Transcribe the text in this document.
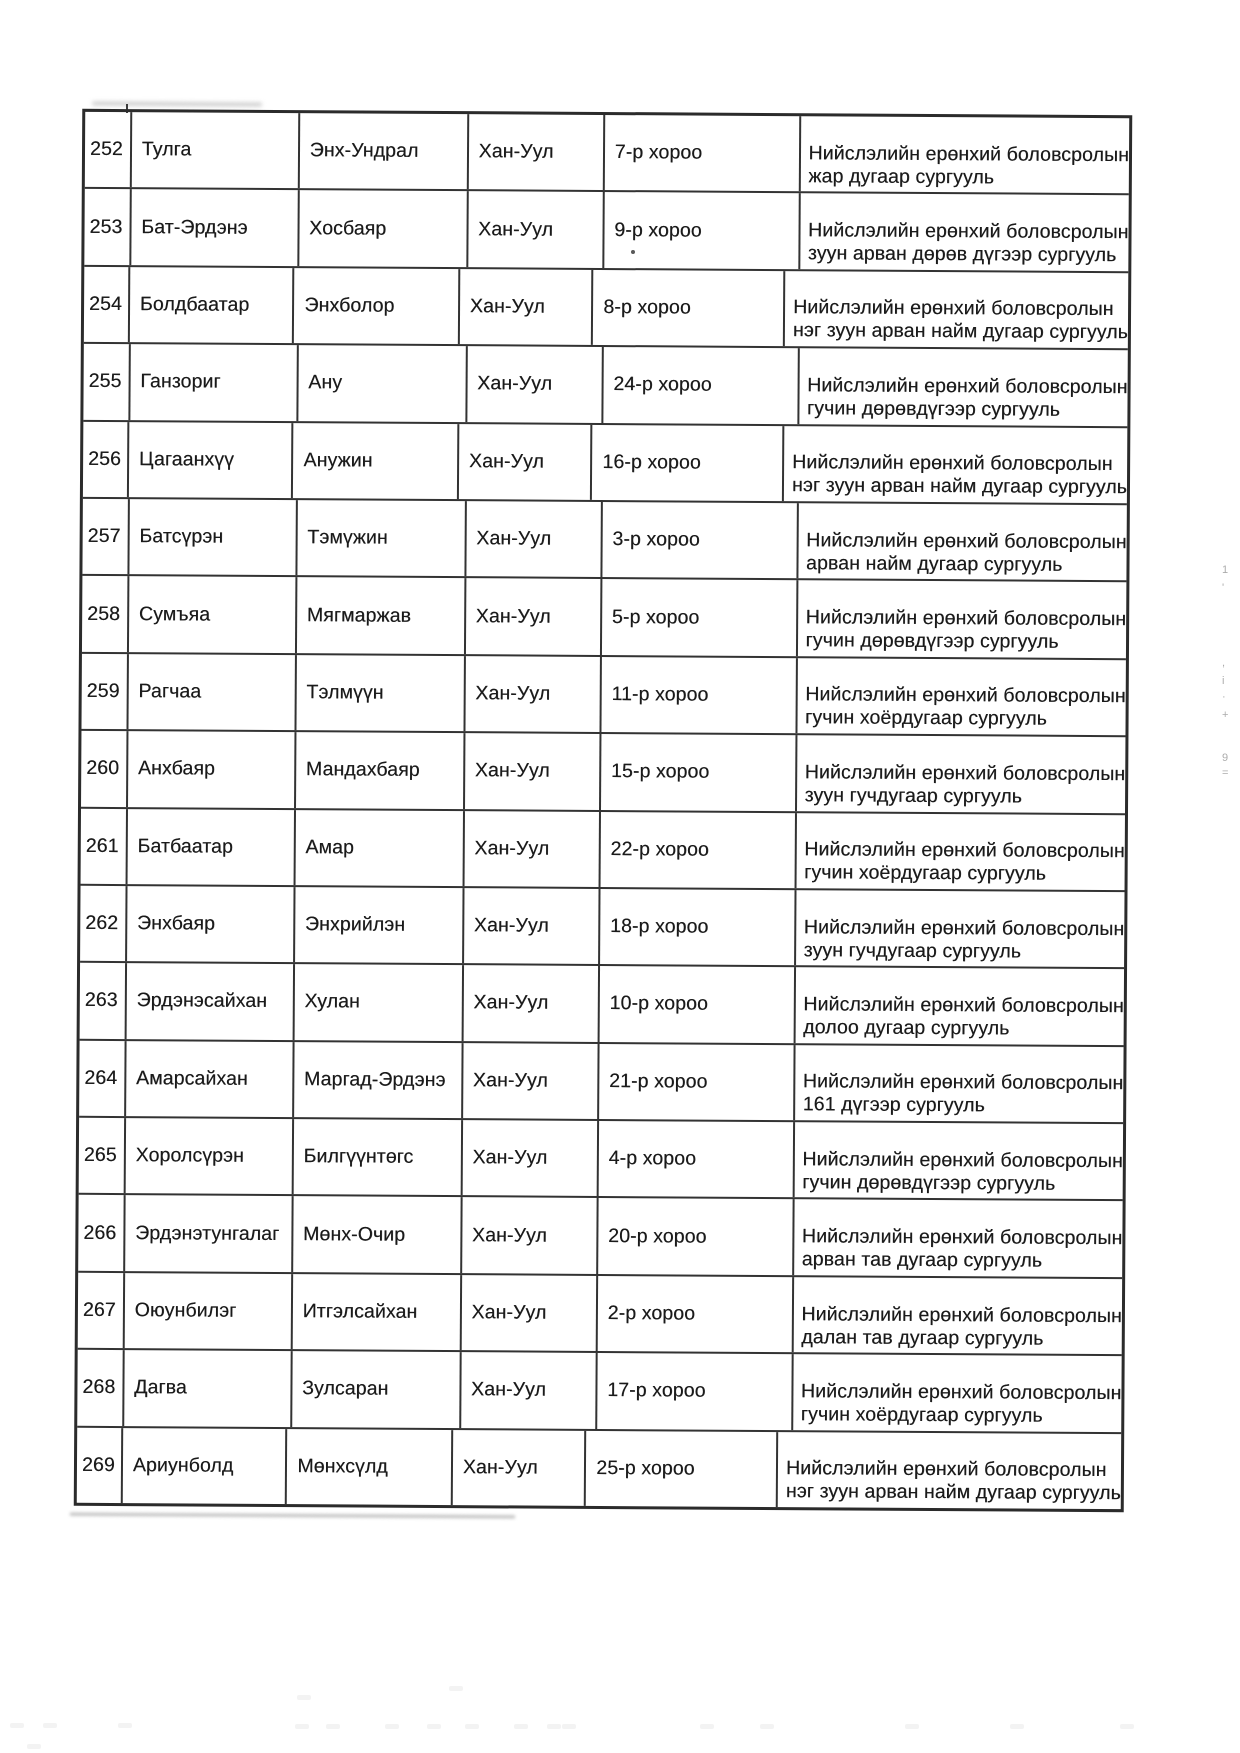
252 Тулга	Энх-Ундрал	Хан-Уул	7-р хороо	Нийслэлийн ерөнхий боловсролын
жар дугаар сургууль
253 Бат-Эрдэнэ	Хосбаяр	Хан-Уул	9-р хороо	Нийслэлийн ерөнхий боловсролын
зуун арван дөрөв дүгээр сургууль
254 Болдбаатар	Энхболор	Хан-Уул	8-р хороо	Нийслэлийн ерөнхий боловсролын
нэг зуун арван найм дугаар сургууль
255 Ганзориг	Ану	Хан-Уул	24-р хороо	Нийслэлийн ерөнхий боловсролын
гучин дөрөвдүгээр сургууль
256 Цагаанхүү	Анужин	Хан-Уул	16-р хороо	Нийслэлийн ерөнхий боловсролын
нэг зуун арван найм дугаар сургууль
257 Батсүрэн	Тэмүжин	Хан-Уул	3-р хороо	Нийслэлийн ерөнхий боловсролын
арван найм дугаар сургууль
258 Сумъяа	Мягмаржав	Хан-Уул	5-р хороо	Нийслэлийн ерөнхий боловсролын
гучин дөрөвдүгээр сургууль
259 Рагчаа	Тэлмүүн	Хан-Уул	11-р хороо	Нийслэлийн ерөнхий боловсролын
гучин хоёрдугаар сургууль
260 Анхбаяр	Мандахбаяр	Хан-Уул	15-р хороо	Нийслэлийн ерөнхий боловсролын
зуун гучдугаар сургууль
261 Батбаатар	Амар	Хан-Уул	22-р хороо	Нийслэлийн ерөнхий боловсролын
гучин хоёрдугаар сургууль
262 Энхбаяр	Энхрийлэн	Хан-Уул	18-р хороо	Нийслэлийн ерөнхий боловсролын
зуун гучдугаар сургууль
263 Эрдэнэсайхан	Хулан	Хан-Уул	10-р хороо	Нийслэлийн ерөнхий боловсролын
долоо дугаар сургууль
264 Амарсайхан	Маргад-Эрдэнэ	Хан-Уул	21-р хороо	Нийслэлийн ерөнхий боловсролын
161 дүгээр сургууль
265 Хоролсүрэн	Билгүүнтөгс	Хан-Уул	4-р хороо	Нийслэлийн ерөнхий боловсролын
гучин дөрөвдүгээр сургууль
266 Эрдэнэтунгалаг	Мөнх-Очир	Хан-Уул	20-р хороо	Нийслэлийн ерөнхий боловсролын
арван тав дугаар сургууль
267 Оюунбилэг	Итгэлсайхан	Хан-Уул	2-р хороо	Нийслэлийн ерөнхий боловсролын
далан тав дугаар сургууль
268 Дагва	Зулсаран	Хан-Уул	17-р хороо	Нийслэлийн ерөнхий боловсролын
гучин хоёрдугаар сургууль
269 Ариунболд	Мөнхсүлд	Хан-Уул	25-р хороо	Нийслэлийн ерөнхий боловсролын
нэг зуун арван найм дугаар сургууль
1
'
,
i
·
+
9
=
